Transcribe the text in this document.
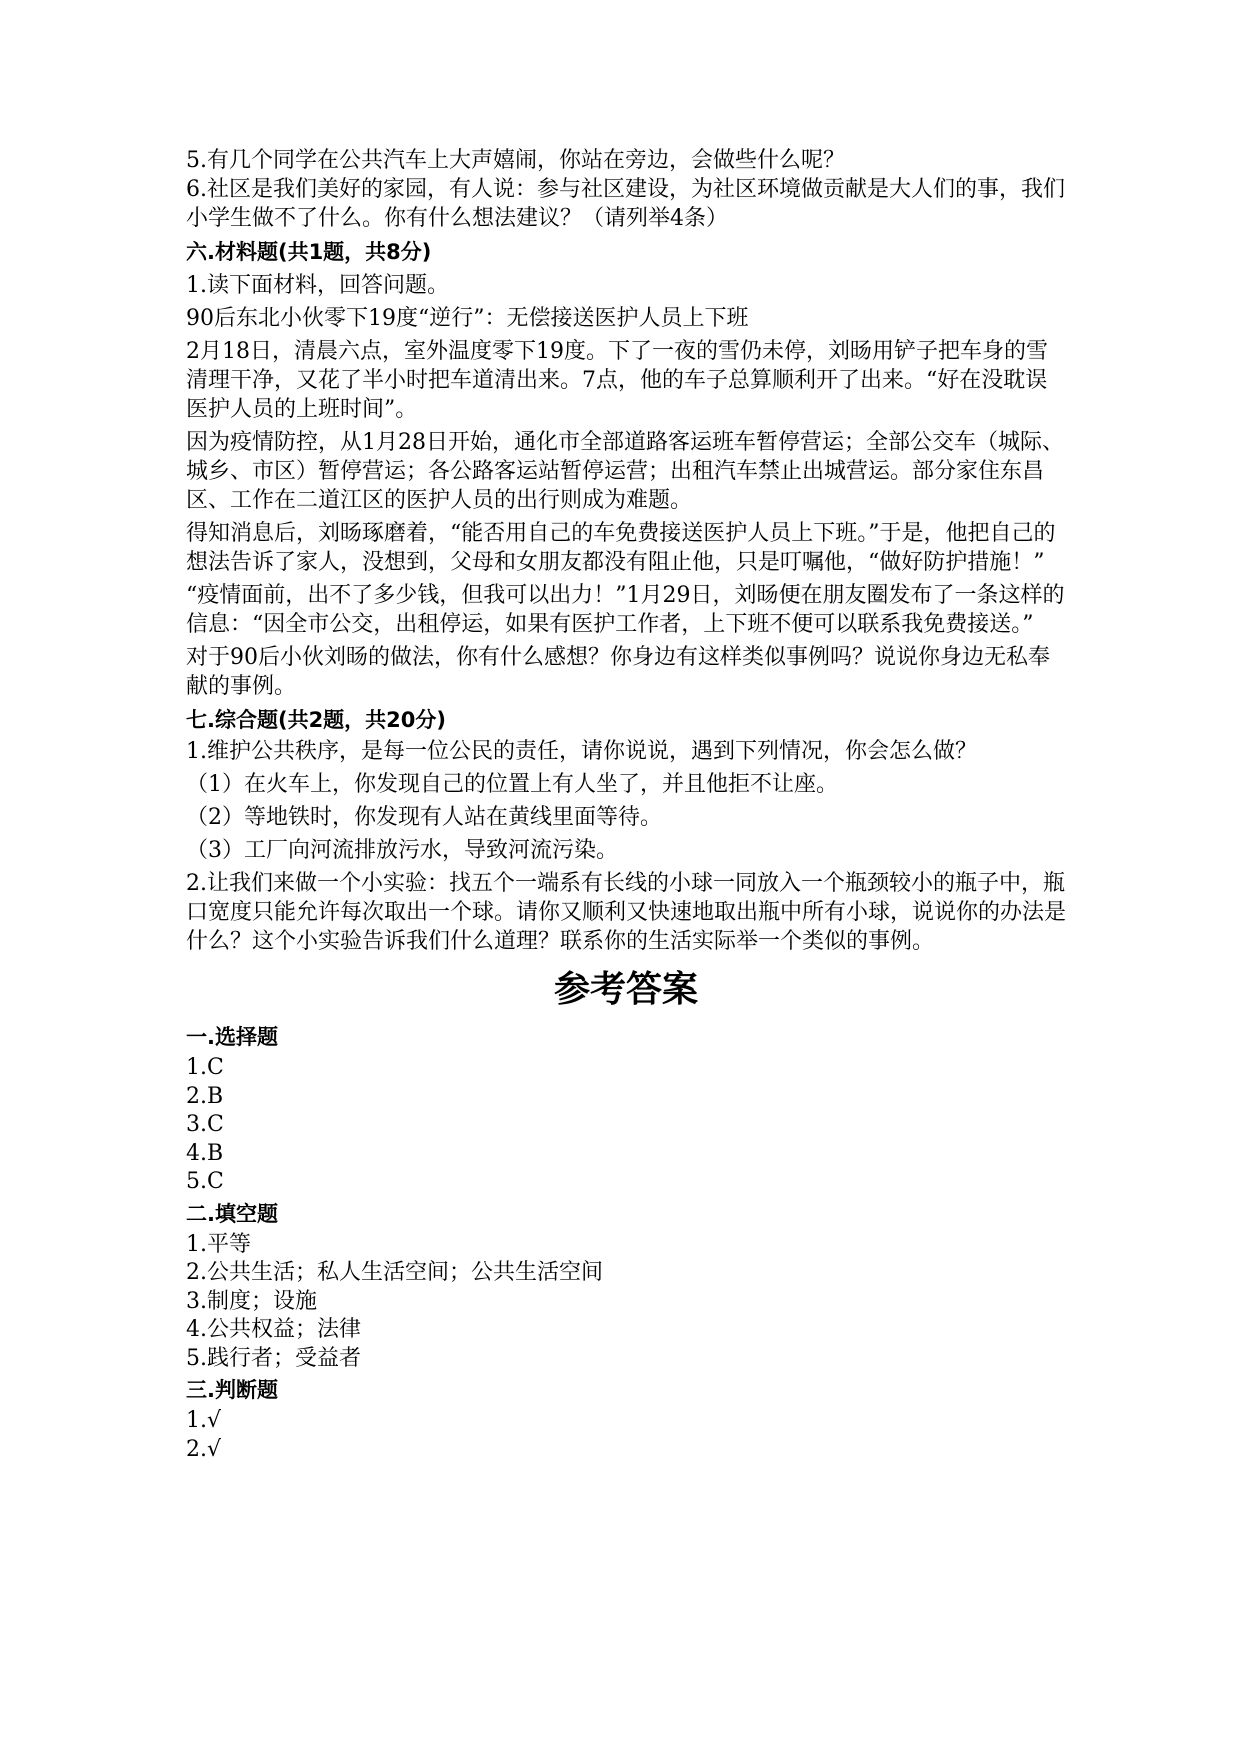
5.有几个同学在公共汽车上大声嬉闹，你站在旁边，会做些什么呢？

6.社区是我们美好的家园，有人说：参与社区建设，为社区环境做贡献是大人们的事，我们小学生做不了什么。你有什么想法建议？（请列举4条）

六.材料题(共1题，共8分)

1.读下面材料，回答问题。

90后东北小伙零下19度“逆行”：无偿接送医护人员上下班

2月18日，清晨六点，室外温度零下19度。下了一夜的雪仍未停，刘旸用铲子把车身的雪清理干净，又花了半小时把车道清出来。7点，他的车子总算顺利开了出来。“好在没耽误医护人员的上班时间”。

因为疫情防控，从1月28日开始，通化市全部道路客运班车暂停营运；全部公交车（城际、城乡、市区）暂停营运；各公路客运站暂停运营；出租汽车禁止出城营运。部分家住东昌区、工作在二道江区的医护人员的出行则成为难题。

得知消息后，刘旸琢磨着，“能否用自己的车免费接送医护人员上下班。”于是，他把自己的想法告诉了家人，没想到，父母和女朋友都没有阻止他，只是叮嘱他，“做好防护措施！”

“疫情面前，出不了多少钱，但我可以出力！”1月29日，刘旸便在朋友圈发布了一条这样的信息：“因全市公交，出租停运，如果有医护工作者，上下班不便可以联系我免费接送。”

对于90后小伙刘旸的做法，你有什么感想？你身边有这样类似事例吗？说说你身边无私奉献的事例。

七.综合题(共2题，共20分)

1.维护公共秩序，是每一位公民的责任，请你说说，遇到下列情况，你会怎么做？

（1）在火车上，你发现自己的位置上有人坐了，并且他拒不让座。

（2）等地铁时，你发现有人站在黄线里面等待。

（3）工厂向河流排放污水，导致河流污染。

2.让我们来做一个小实验：找五个一端系有长线的小球一同放入一个瓶颈较小的瓶子中，瓶口宽度只能允许每次取出一个球。请你又顺利又快速地取出瓶中所有小球，说说你的办法是什么？这个小实验告诉我们什么道理？联系你的生活实际举一个类似的事例。

参考答案
一.选择题

1.C

2.B

3.C

4.B

5.C

二.填空题

1.平等

2.公共生活；私人生活空间；公共生活空间

3.制度；设施

4.公共权益；法律

5.践行者；受益者

三.判断题

1.√

2.√
